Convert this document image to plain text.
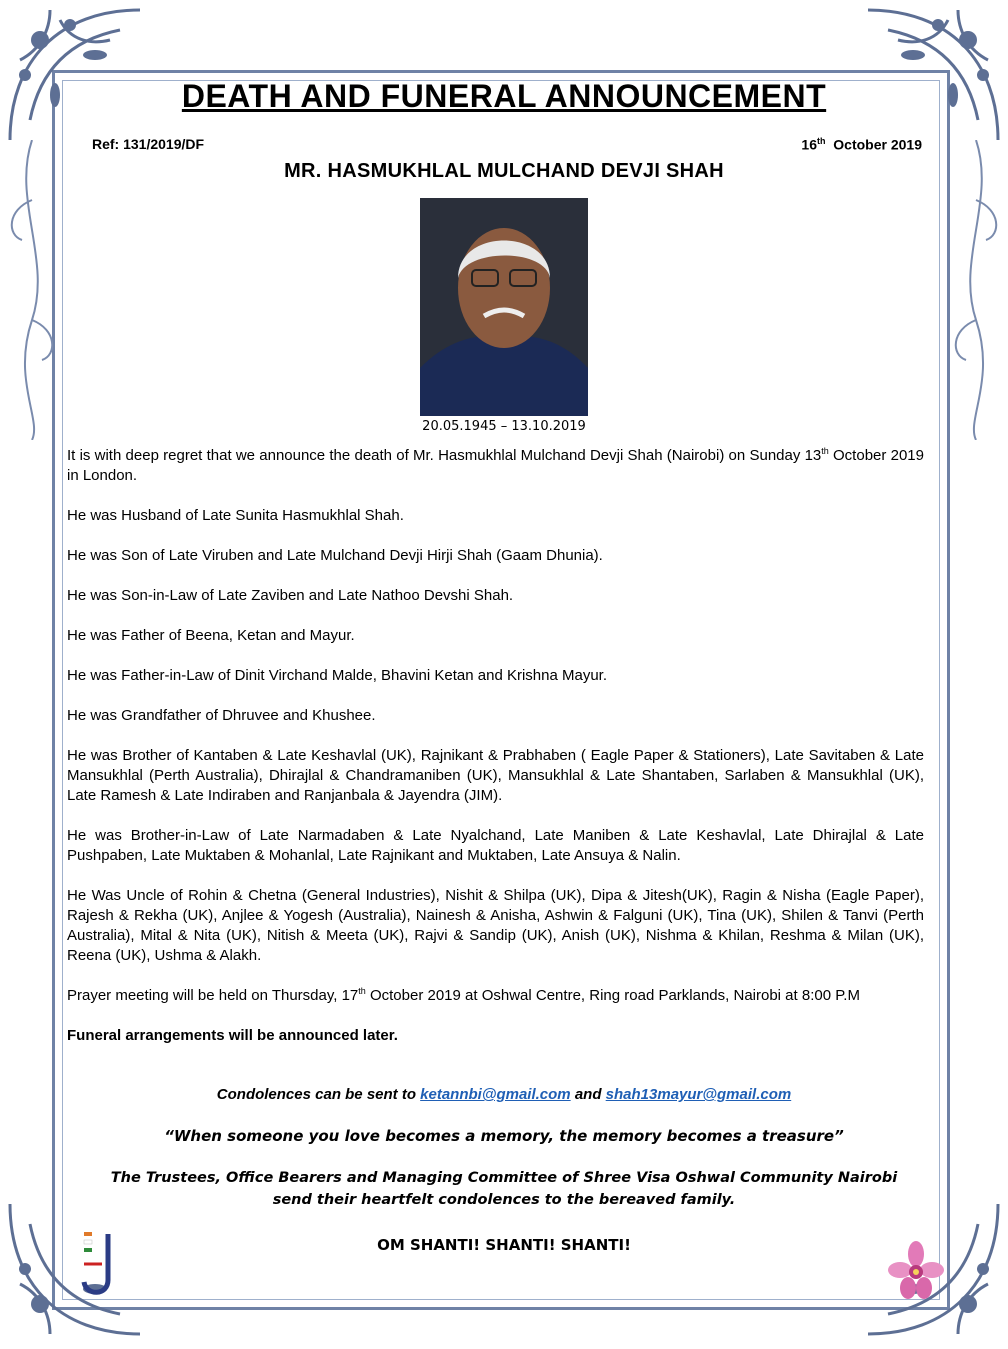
DEATH AND FUNERAL ANNOUNCEMENT
Ref: 131/2019/DF	16th October 2019
MR. HASMUKHLAL MULCHAND DEVJI SHAH
20.05.1945 – 13.10.2019

It is with deep regret that we announce the death of Mr. Hasmukhlal Mulchand Devji Shah (Nairobi) on Sunday 13th October 2019 in London.

He was Husband of Late Sunita Hasmukhlal Shah.

He was Son of Late Viruben and Late Mulchand Devji Hirji Shah (Gaam Dhunia).

He was Son-in-Law of Late Zaviben and Late Nathoo Devshi Shah.

He was Father of Beena, Ketan and Mayur.

He was Father-in-Law of Dinit Virchand Malde, Bhavini Ketan and Krishna Mayur.

He was Grandfather of Dhruvee and Khushee.

He was Brother of Kantaben & Late Keshavlal (UK), Rajnikant & Prabhaben ( Eagle Paper & Stationers), Late Savitaben & Late Mansukhlal (Perth Australia), Dhirajlal & Chandramaniben (UK), Mansukhlal & Late Shantaben, Sarlaben & Mansukhlal (UK), Late Ramesh & Late Indiraben and Ranjanbala & Jayendra (JIM).

He was Brother-in-Law of Late Narmadaben & Late Nyalchand, Late Maniben & Late Keshavlal, Late Dhirajlal & Late Pushpaben, Late Muktaben & Mohanlal, Late Rajnikant and Muktaben, Late Ansuya & Nalin.

He Was Uncle of Rohin & Chetna (General Industries), Nishit & Shilpa (UK), Dipa & Jitesh(UK), Ragin & Nisha (Eagle Paper), Rajesh & Rekha (UK), Anjlee & Yogesh (Australia), Nainesh & Anisha, Ashwin & Falguni (UK), Tina (UK), Shilen & Tanvi (Perth Australia), Mital & Nita (UK), Nitish & Meeta (UK), Rajvi & Sandip (UK), Anish (UK), Nishma & Khilan, Reshma & Milan (UK), Reena (UK), Ushma & Alakh.

Prayer meeting will be held on Thursday, 17th October 2019 at Oshwal Centre, Ring road Parklands, Nairobi at 8:00 P.M

Funeral arrangements will be announced later.

Condolences can be sent to ketannbi@gmail.com and shah13mayur@gmail.com
“When someone you love becomes a memory, the memory becomes a treasure”
The Trustees, Office Bearers and Managing Committee of Shree Visa Oshwal Community Nairobi
send their heartfelt condolences to the bereaved family.
OM SHANTI! SHANTI! SHANTI!
